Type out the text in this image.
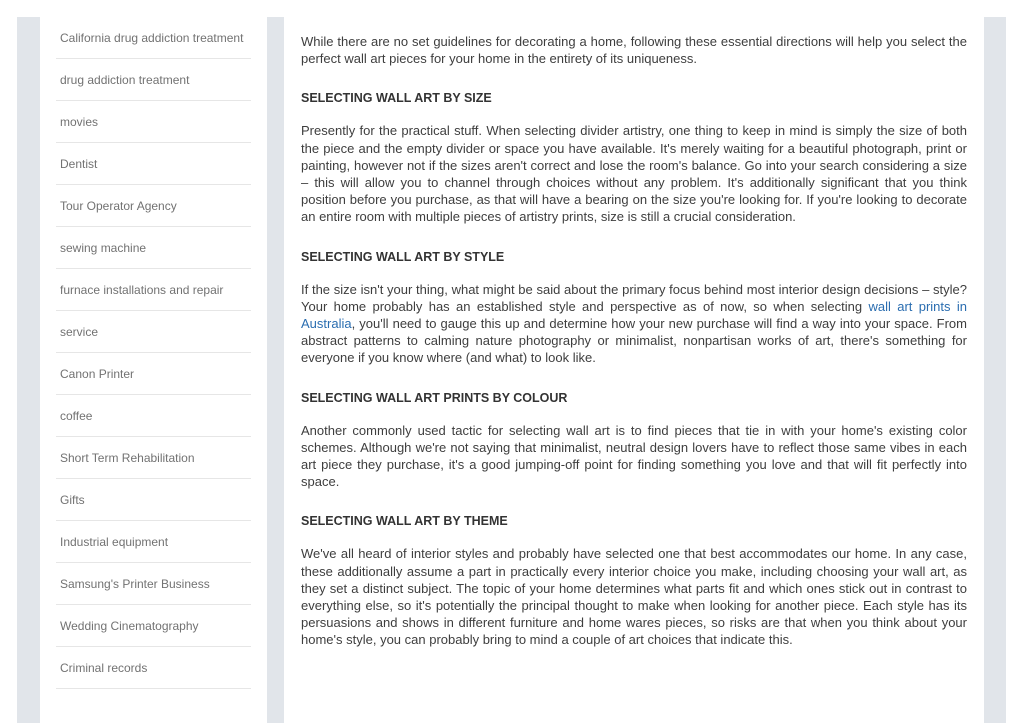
California drug addiction treatment
drug addiction treatment
movies
Dentist
Tour Operator Agency
sewing machine
furnace installations and repair
service
Canon Printer
coffee
Short Term Rehabilitation
Gifts
Industrial equipment
Samsung's Printer Business
Wedding Cinematography
Criminal records

While there are no set guidelines for decorating a home, following these essential directions will help you select the perfect wall art pieces for your home in the entirety of its uniqueness.

SELECTING WALL ART BY SIZE

Presently for the practical stuff. When selecting divider artistry, one thing to keep in mind is simply the size of both the piece and the empty divider or space you have available. It's merely waiting for a beautiful photograph, print or painting, however not if the sizes aren't correct and lose the room's balance. Go into your search considering a size – this will allow you to channel through choices without any problem. It's additionally significant that you think position before you purchase, as that will have a bearing on the size you're looking for. If you're looking to decorate an entire room with multiple pieces of artistry prints, size is still a crucial consideration.

SELECTING WALL ART BY STYLE

If the size isn't your thing, what might be said about the primary focus behind most interior design decisions – style? Your home probably has an established style and perspective as of now, so when selecting wall art prints in Australia, you'll need to gauge this up and determine how your new purchase will find a way into your space. From abstract patterns to calming nature photography or minimalist, nonpartisan works of art, there's something for everyone if you know where (and what) to look like.

SELECTING WALL ART PRINTS BY COLOUR

Another commonly used tactic for selecting wall art is to find pieces that tie in with your home's existing color schemes. Although we're not saying that minimalist, neutral design lovers have to reflect those same vibes in each art piece they purchase, it's a good jumping-off point for finding something you love and that will fit perfectly into space.

SELECTING WALL ART BY THEME

We've all heard of interior styles and probably have selected one that best accommodates our home. In any case, these additionally assume a part in practically every interior choice you make, including choosing your wall art, as they set a distinct subject. The topic of your home determines what parts fit and which ones stick out in contrast to everything else, so it's potentially the principal thought to make when looking for another piece. Each style has its persuasions and shows in different furniture and home wares pieces, so risks are that when you think about your home's style, you can probably bring to mind a couple of art choices that indicate this.
